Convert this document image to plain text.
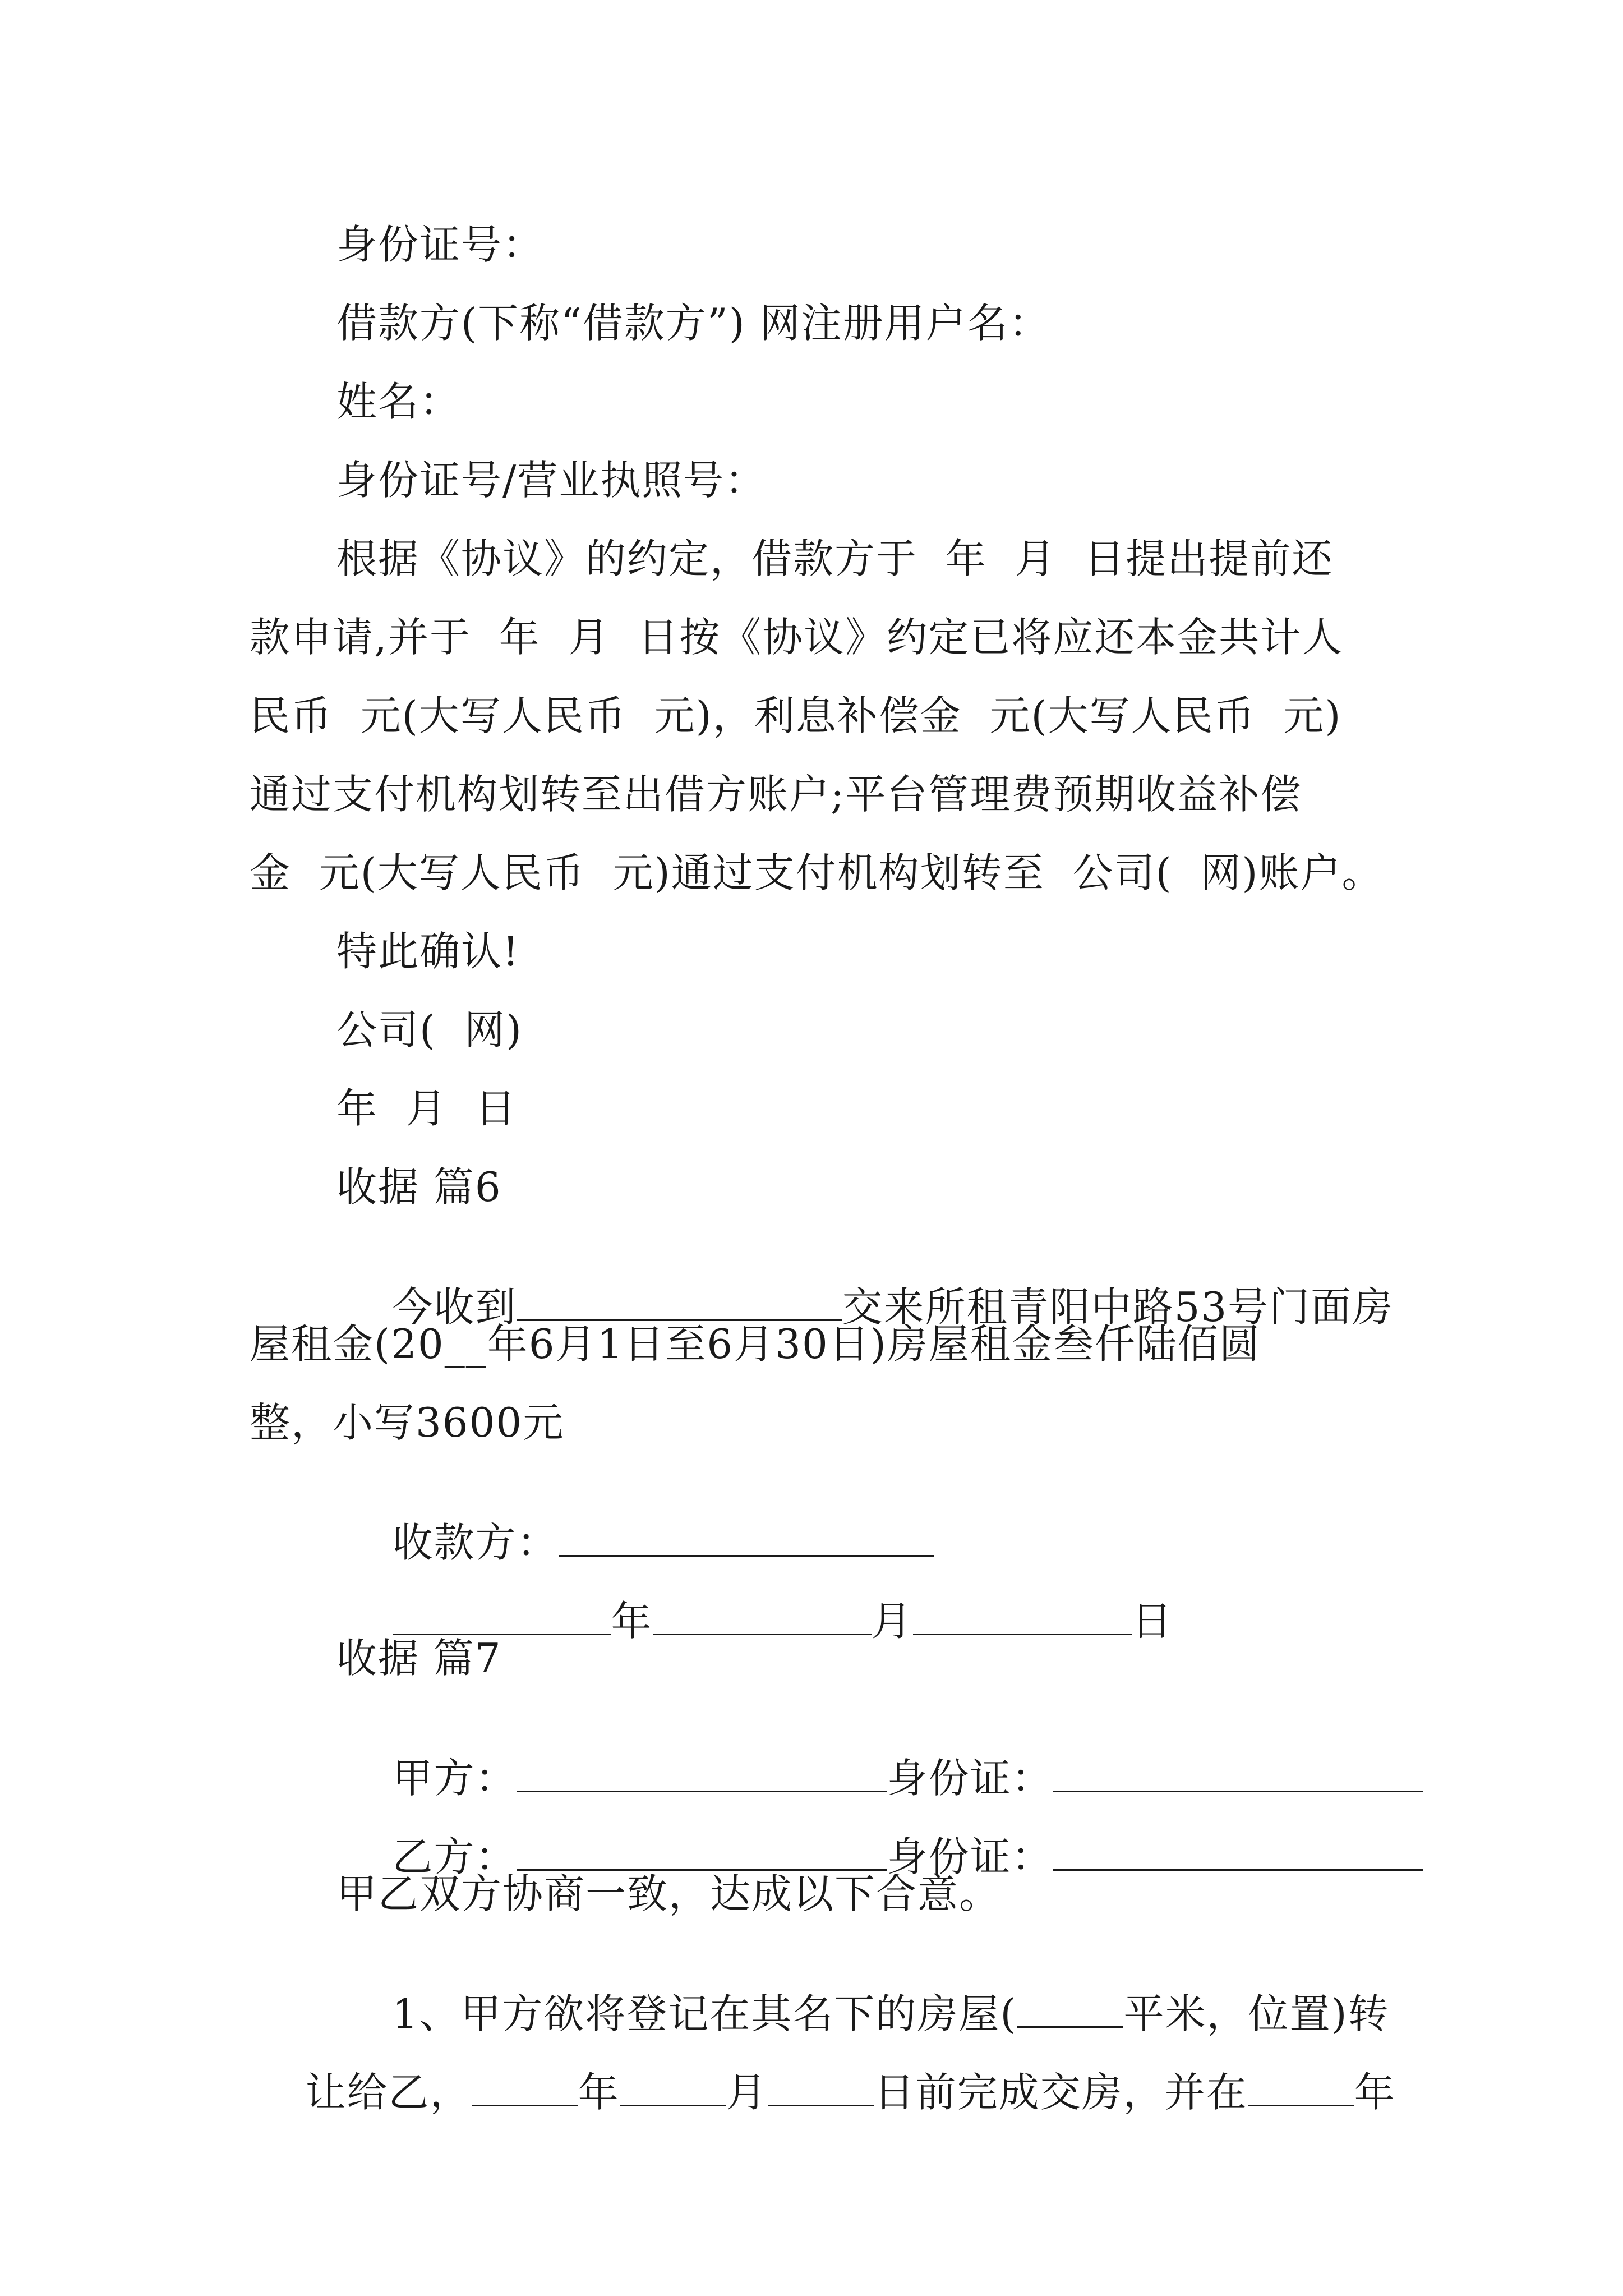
身份证号：
借款方(下称“借款方”) 网注册用户名：
姓名：
身份证号/营业执照号：
根据《协议》的约定，借款方于  年  月  日提出提前还
款申请,并于  年  月  日按《协议》约定已将应还本金共计人
民币  元(大写人民币  元)，利息补偿金  元(大写人民币  元)
通过支付机构划转至出借方账户;平台管理费预期收益补偿
金  元(大写人民币  元)通过支付机构划转至  公司(  网)账户。
特此确认!
公司(  网)
年  月  日
收据 篇6

今收到	交来所租青阳中路53号门面房

屋租金(20__年6月1日至6月30日)房屋租金叁仟陆佰圆
整，小写3600元

收款方：

年	月	日

收据 篇7

甲方：	身份证：

乙方：	身份证：

甲乙双方协商一致，达成以下合意。

1、甲方欲将登记在其名下的房屋(	平米，位置)转

让给乙，	年	月	日前完成交房，并在	年
